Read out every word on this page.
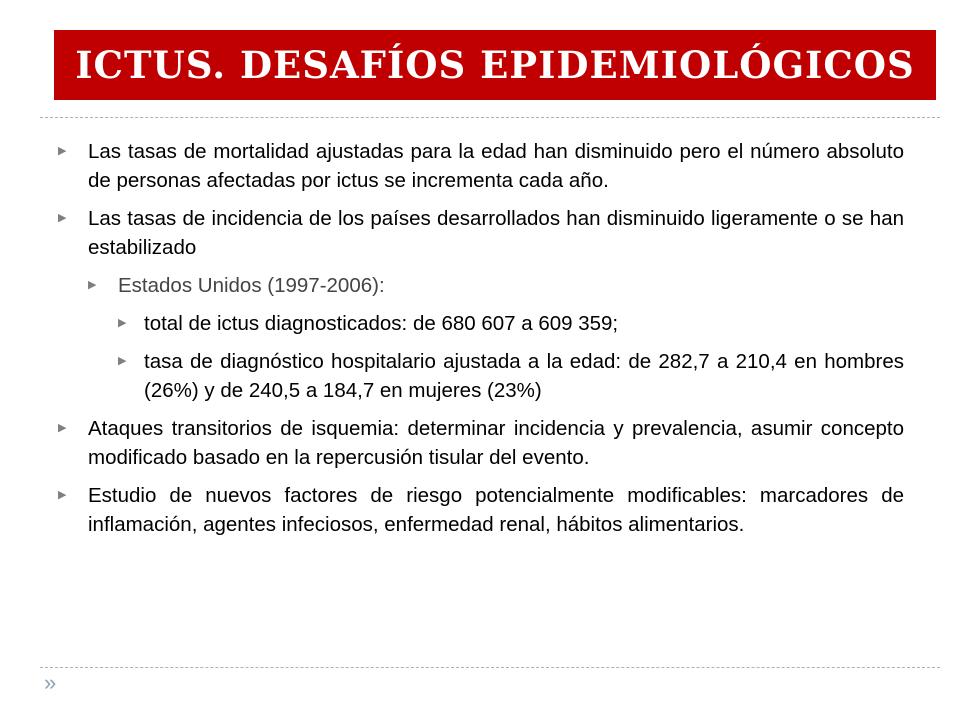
ICTUS. DESAFÍOS EPIDEMIOLÓGICOS
▶ Las tasas de mortalidad ajustadas para la edad han disminuido pero el número absoluto de personas afectadas por ictus se incrementa cada año.
▶ Las tasas de incidencia de los países desarrollados han disminuido ligeramente o se han estabilizado
▶ Estados Unidos (1997-2006):
▶ total de ictus diagnosticados: de 680 607 a 609 359;
▶ tasa de diagnóstico hospitalario ajustada a la edad: de 282,7 a 210,4 en hombres (26%) y de 240,5 a 184,7 en mujeres (23%)
▶ Ataques transitorios de isquemia: determinar incidencia y prevalencia, asumir concepto modificado basado en la repercusión tisular del evento.
▶ Estudio de nuevos factores de riesgo potencialmente modificables: marcadores de inflamación, agentes infeciosos, enfermedad renal, hábitos alimentarios.
»
